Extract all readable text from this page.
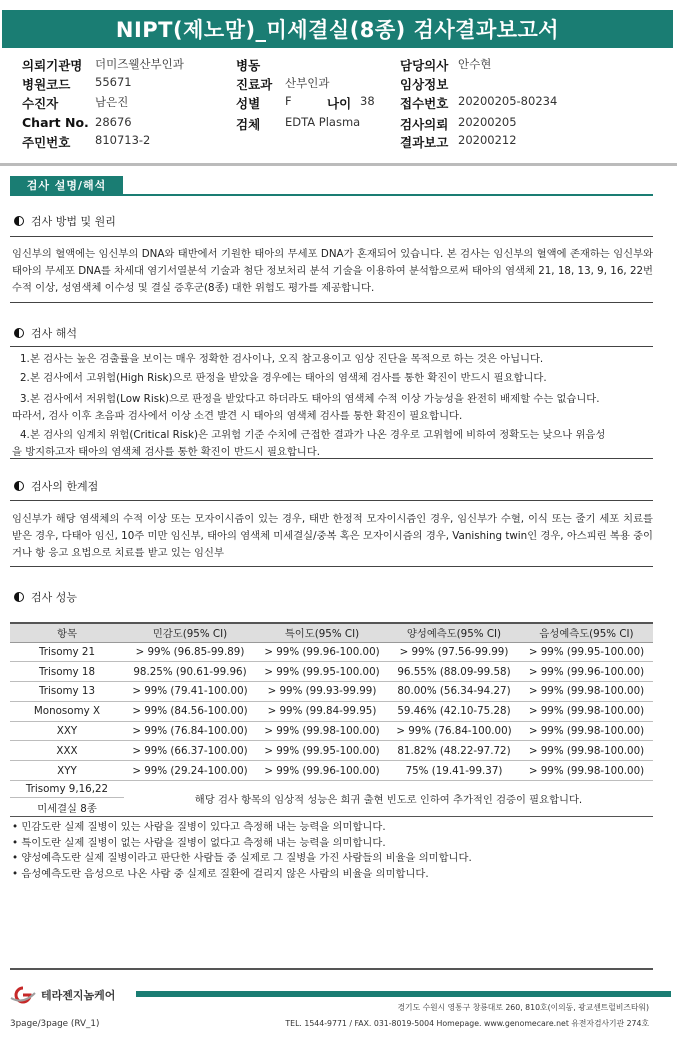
NIPT(제노맘)_미세결실(8종) 검사결과보고서
의뢰기관명 더미즈웰산부인과	병동	담당의사 안수현
병원코드 55671	진료과 산부인과	임상정보
수진자	남은진	성별 F	나이 38 접수번호 20200205-80234
Chart No. 28676	검체 EDTA Plasma	검사의뢰 20200205
주민번호 810713-2	결과보고 20200212
검사 설명/해석
검사 방법 및 원리
임신부의 혈액에는 임신부의 DNA와 태반에서 기원한 태아의 무세포 DNA가 혼재되어 있습니다. 본 검사는 임신부의 혈액에 존재하는 임신부와 태아의 무세포 DNA를 차세대 염기서열분석 기술과 첨단 정보처리 분석 기술을 이용하여 분석함으로써 태아의 염색체 21, 18, 13, 9, 16, 22번 수적 이상, 성염색체 이수성 및 결실 증후군(8종) 대한 위험도 평가를 제공합니다.
검사 해석
1. 본 검사는 높은 검출률을 보이는 매우 정확한 검사이나, 오직 참고용이고 임상 진단을 목적으로 하는 것은 아닙니다.
2. 본 검사에서 고위험(High Risk)으로 판정을 받았을 경우에는 태아의 염색체 검사를 통한 확진이 반드시 필요합니다.
3. 본 검사에서 저위험(Low Risk)으로 판정을 받았다고 하더라도 태아의 염색체 수적 이상 가능성을 완전히 배제할 수는 없습니다.
따라서, 검사 이후 초음파 검사에서 이상 소견 발견 시 태아의 염색체 검사를 통한 확진이 필요합니다.
4. 본 검사의 임계치 위험(Critical Risk)은 고위험 기준 수치에 근접한 결과가 나온 경우로 고위험에 비하여 정확도는 낮으나 위음성
을 방지하고자 태아의 염색체 검사를 통한 확진이 반드시 필요합니다.
검사의 한계점
임신부가 해당 염색체의 수적 이상 또는 모자이시즘이 있는 경우, 태반 한정적 모자이시즘인 경우, 임신부가 수혈, 이식 또는 줄기 세포 치료를 받은 경우, 다태아 임신, 10주 미만 임신부, 태아의 염색체 미세결실/중복 혹은 모자이시즘의 경우, Vanishing twin인 경우, 아스피린 복용 중이거나 항 응고 요법으로 치료를 받고 있는 임신부
검사 성능
항목	민감도(95% CI)	특이도(95% CI)	양성예측도(95% CI)	음성예측도(95% CI)
Trisomy 21	> 99% (96.85-99.89)	> 99% (99.96-100.00)	> 99% (97.56-99.99)	> 99% (99.95-100.00)
Trisomy 18	98.25% (90.61-99.96)	> 99% (99.95-100.00)	96.55% (88.09-99.58)	> 99% (99.96-100.00)
Trisomy 13	> 99% (79.41-100.00)	> 99% (99.93-99.99)	80.00% (56.34-94.27)	> 99% (99.98-100.00)
Monosomy X	> 99% (84.56-100.00)	> 99% (99.84-99.95)	59.46% (42.10-75.28)	> 99% (99.98-100.00)
XXY	> 99% (76.84-100.00)	> 99% (99.98-100.00)	> 99% (76.84-100.00)	> 99% (99.98-100.00)
XXX	> 99% (66.37-100.00)	> 99% (99.95-100.00)	81.82% (48.22-97.72)	> 99% (99.98-100.00)
XYY	> 99% (29.24-100.00)	> 99% (99.96-100.00)	75% (19.41-99.37)	> 99% (99.98-100.00)
Trisomy 9,16,22
미세결실 8종	해당 검사 항목의 임상적 성능은 희귀 출현 빈도로 인하여 추가적인 검증이 필요합니다.			
• 민감도란 실제 질병이 있는 사람을 질병이 있다고 측정해 내는 능력을 의미합니다.
• 특이도란 실제 질병이 없는 사람을 질병이 없다고 측정해 내는 능력을 의미합니다.
• 양성예측도란 실제 질병이라고 판단한 사람들 중 실제로 그 질병을 가진 사람들의 비율을 의미합니다.
• 음성예측도란 음성으로 나온 사람 중 실제로 질환에 걸리지 않은 사람의 비율을 의미합니다.
테라젠지놈케어
경기도 수원시 영통구 창룡대로 260, 810호(이의동, 광교센트럴비즈타워)
3page/3page (RV_1)	TEL. 1544-9771 / FAX. 031-8019-5004 Homepage. www.genomecare.net 유전자검사기관 274호
